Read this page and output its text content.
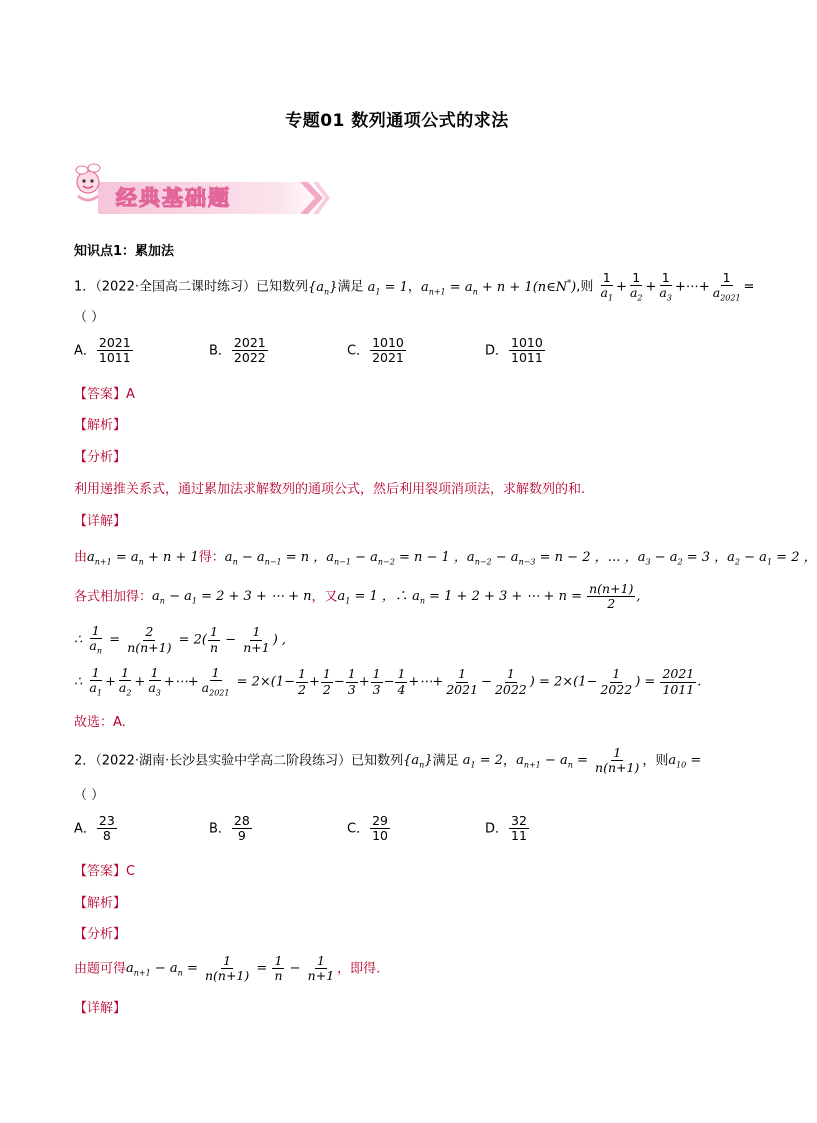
专题01 数列通项公式的求法
经典基础题
知识点1：累加法
1．（2022·全国高二课时练习）已知数列$\{a_n\}$满足 $a_1 = 1$，$a_{n+1} = a_n + n$ + 1(n∈N*),则 $\frac{1}{a_1} + \frac{1}{a_2} + \frac{1}{a_3}$ +⋯+ $\frac{1}{a_{2021}}$ =
（ ）
A． $\frac{2021}{1011}$	B． $\frac{2021}{2022}$	C． $\frac{1010}{2021}$	D． $\frac{1010}{1011}$
【答案】A
【解析】
【分析】
利用递推关系式，通过累加法求解数列的通项公式，然后利用裂项消项法，求解数列的和.
【详解】
由$a_{n+1} = a_n + n + 1$得：$a_n - a_{n-1} = n$ ，$a_{n-1} - a_{n-2} = n - 1$ ，$a_{n-2} - a_{n-3} = n - 2$ ，… ，$a_3 - a_2 = 3$ ，$a_2 - a_1 = 2$ ，
各式相加得：$a_n - a_1 = 2 + 3$ + ⋯ + n，又$a_1 = 1$ ，∴ $a_n = 1 + 2 + 3$ + ⋯ + $n = \frac{n(n+1)}{2}$ ,
∴ $\frac{1}{a_n} = \frac{2}{n(n+1)} = 2( \frac{1}{n} - \frac{1}{n+1}$ ) ,
∴ $\frac{1}{a_1} + \frac{1}{a_2} + \frac{1}{a_3}$ +⋯+ $\frac{1}{a_{2021}} = 2\times(1- \frac{1}{2} + \frac{1}{2} - \frac{1}{3} + \frac{1}{3} - \frac{1}{4}$ +⋯+ $\frac{1}{2021} - \frac{1}{2022}$ ) = $2\times(1- \frac{1}{2022}$ ) = $\frac{2021}{1011}$ .
故选：A.
2．（2022·湖南·长沙县实验中学高二阶段练习）已知数列$\{a_n\}$满足 $a_1 = 2$，$a_{n+1} - a_n = \frac{1}{n(n+1)}$ ，则$a_{10}$ =
（ ）
A． $\frac{23}{8}$	B． $\frac{28}{9}$	C． $\frac{29}{10}$	D． $\frac{32}{11}$
【答案】C
【解析】
【分析】
由题可得$a_{n+1} - a_n = \frac{1}{n(n+1)} = \frac{1}{n} - \frac{1}{n+1}$ ，即得.
【详解】
